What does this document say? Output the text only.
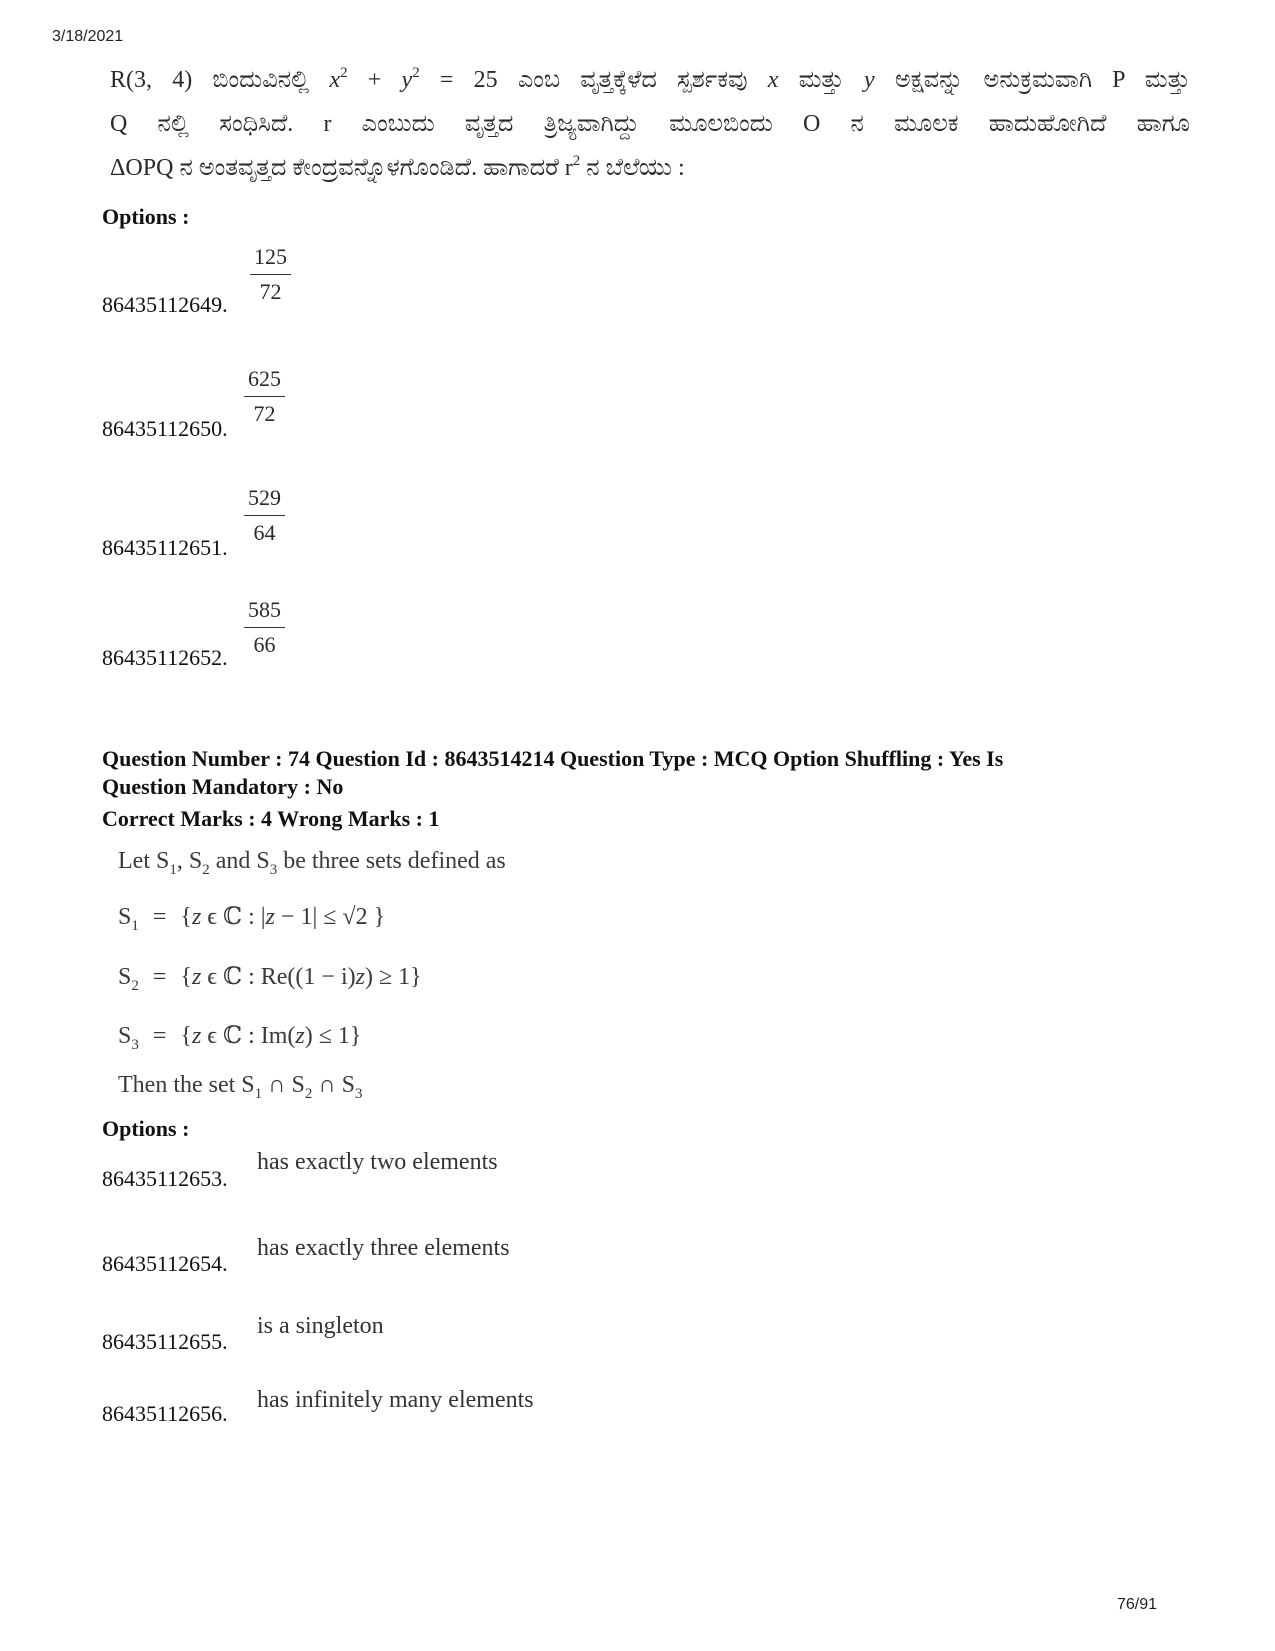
3/18/2021
R(3, 4) ಬಿಂದುವಿನಲ್ಲಿ $x^2 + y^2 = 25$ ಎಂಬ ವೃತ್ತಕ್ಕೆಳೆದ ಸ್ಪರ್ಶಕವು x ಮತ್ತು y ಅಕ್ಷವನ್ನು ಅನುಕ್ರಮವಾಗಿ P ಮತ್ತು
Q ನಲ್ಲಿ ಸಂಧಿಸಿದೆ. r ಎಂಬುದು ವೃತ್ತದ ತ್ರಿಜ್ಯವಾಗಿದ್ದು ಮೂಲಬಿಂದು O ನ ಮೂಲಕ ಹಾದುಹೋಗಿದೆ ಹಾಗೂ
ΔOPQ ನ ಅಂತವೃತ್ತದ ಕೇಂದ್ರವನ್ನೊಳಗೊಂಡಿದೆ. ಹಾಗಾದರೆ $r^2$ ನ ಬೆಲೆಯು :
Options :
86435112649. $\frac{125}{72}$
86435112650.
$\frac{625}{72}$
86435112651.
$\frac{529}{64}$
86435112652. $\frac{585}{66}$
Question Number : 74 Question Id : 8643514214 Question Type : MCQ Option Shuffling : Yes Is
Question Mandatory : No
Correct Marks : 4 Wrong Marks : 1
Let $S_1$, $S_2$ and $S_3$ be three sets defined as
$S_1 = \{z$ ϵ ℂ : |z − 1| ≤ √2 }
$S_2 = \{z$ ϵ ℂ : Re((1 − i)z) ≥ 1}
$S_3 = \{z$ ϵ ℂ : Im(z) ≤ 1}
Then the set $S_1$ ∩ $S_2$ ∩ $S_3$
Options :
86435112653.
has exactly two elements
86435112654.
has exactly three elements
86435112655.
is a singleton
86435112656.
has infinitely many elements
76/91
